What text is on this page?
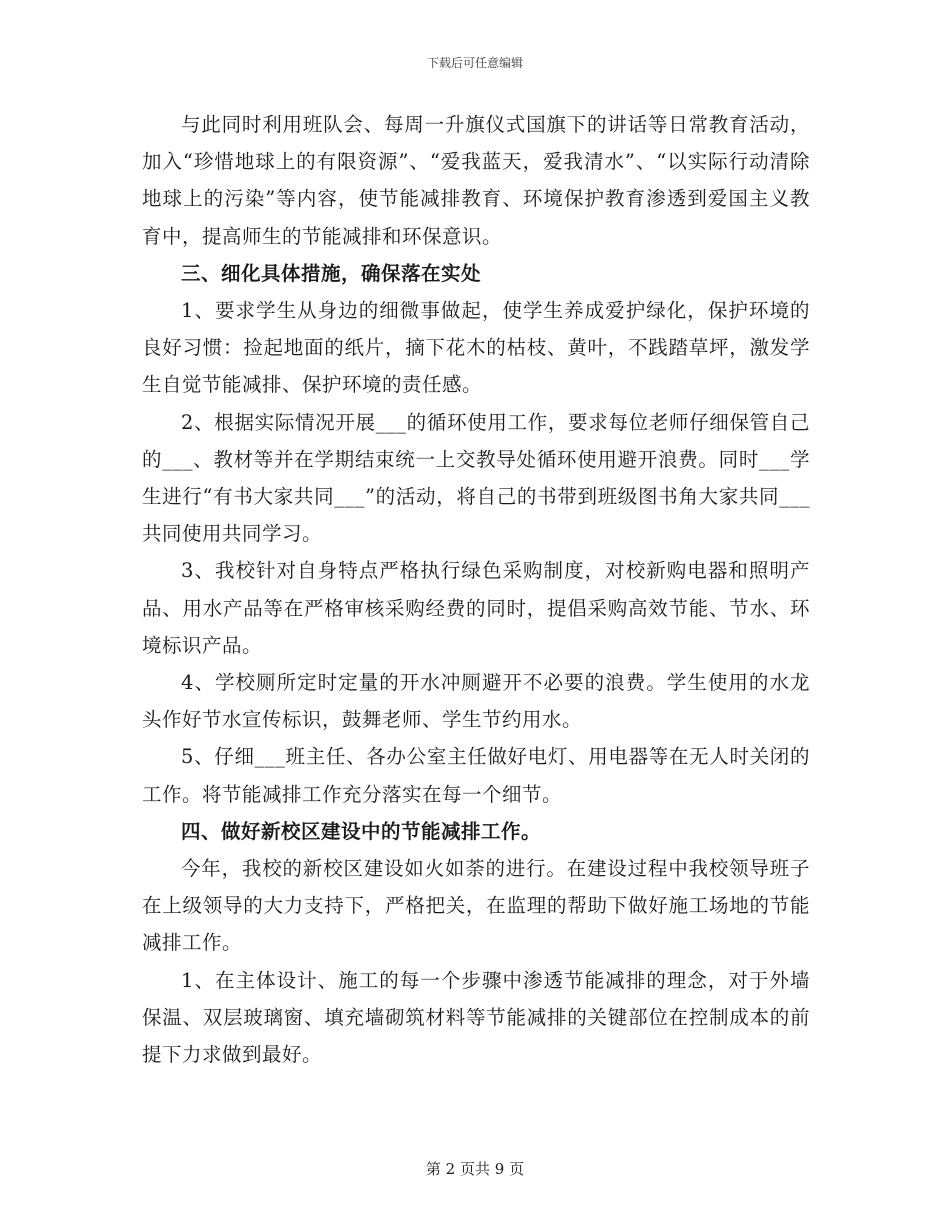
下载后可任意编辑

与此同时利用班队会、每周一升旗仪式国旗下的讲话等日常教育活动，加入“珍惜地球上的有限资源”、“爱我蓝天，爱我清水”、“以实际行动清除地球上的污染”等内容，使节能减排教育、环境保护教育渗透到爱国主义教育中，提高师生的节能减排和环保意识。

三、细化具体措施，确保落在实处

1、要求学生从身边的细微事做起，使学生养成爱护绿化，保护环境的良好习惯：捡起地面的纸片，摘下花木的枯枝、黄叶，不践踏草坪，激发学生自觉节能减排、保护环境的责任感。

2、根据实际情况开展___的循环使用工作，要求每位老师仔细保管自己的___、教材等并在学期结束统一上交教导处循环使用避开浪费。同时___学生进行“有书大家共同___”的活动，将自己的书带到班级图书角大家共同___共同使用共同学习。

3、我校针对自身特点严格执行绿色采购制度，对校新购电器和照明产品、用水产品等在严格审核采购经费的同时，提倡采购高效节能、节水、环境标识产品。

4、学校厕所定时定量的开水冲厕避开不必要的浪费。学生使用的水龙头作好节水宣传标识，鼓舞老师、学生节约用水。

5、仔细___班主任、各办公室主任做好电灯、用电器等在无人时关闭的工作。将节能减排工作充分落实在每一个细节。

四、做好新校区建设中的节能减排工作。

今年，我校的新校区建设如火如荼的进行。在建设过程中我校领导班子在上级领导的大力支持下，严格把关，在监理的帮助下做好施工场地的节能减排工作。

1、在主体设计、施工的每一个步骤中渗透节能减排的理念，对于外墙保温、双层玻璃窗、填充墙砌筑材料等节能减排的关键部位在控制成本的前提下力求做到最好。

第 2 页共 9 页
